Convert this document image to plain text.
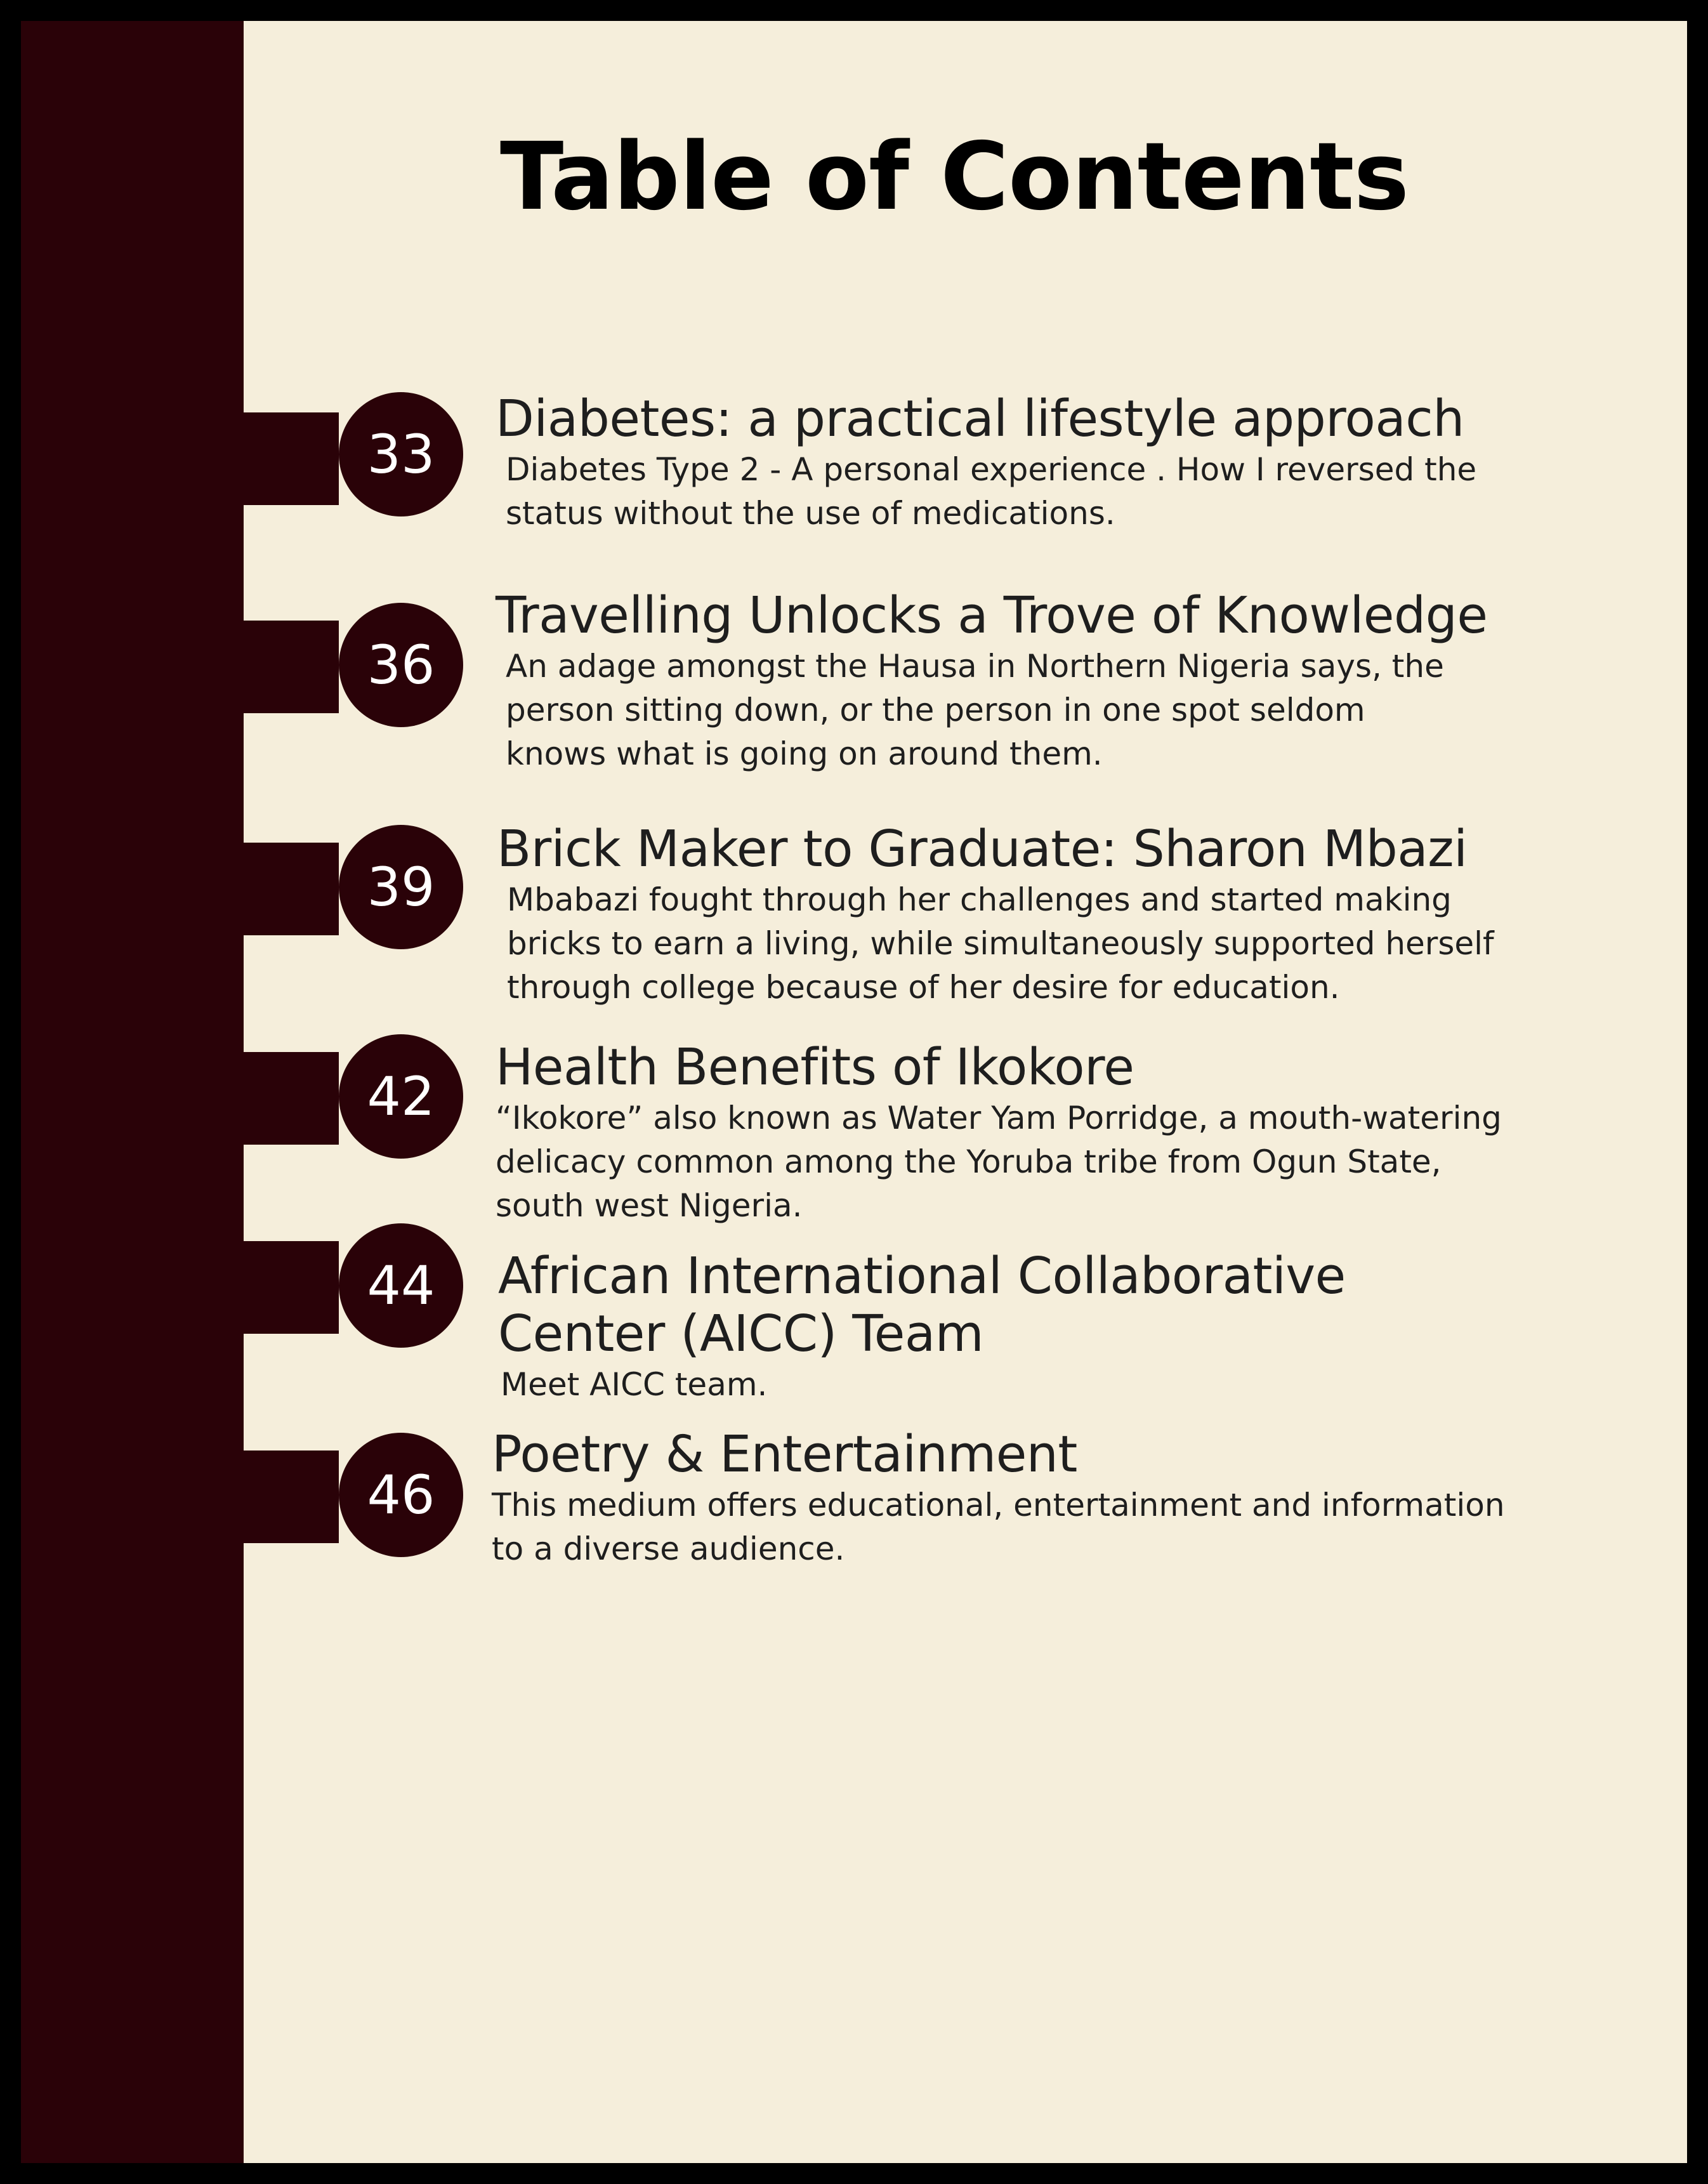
Table of Contents
33

Diabetes: a practical lifestyle approach

Diabetes Type 2 - A personal experience . How I reversed the status without the use of medications.

36

Travelling Unlocks a Trove of Knowledge

An adage amongst the Hausa in Northern Nigeria says, the person sitting down, or the person in one spot seldom knows what is going on around them.

39

Brick Maker to Graduate: Sharon Mbazi

Mbabazi fought through her challenges and started making bricks to earn a living, while simultaneously supported herself through college because of her desire for education.

42	Health Benefits of Ikokore

“Ikokore” also known as Water Yam Porridge, a mouth-watering delicacy common among the Yoruba tribe from Ogun State, south west Nigeria.

44	African International Collaborative Center (AICC) Team

Meet AICC team.

46

Poetry & Entertainment

This medium offers educational, entertainment and information to a diverse audience.
